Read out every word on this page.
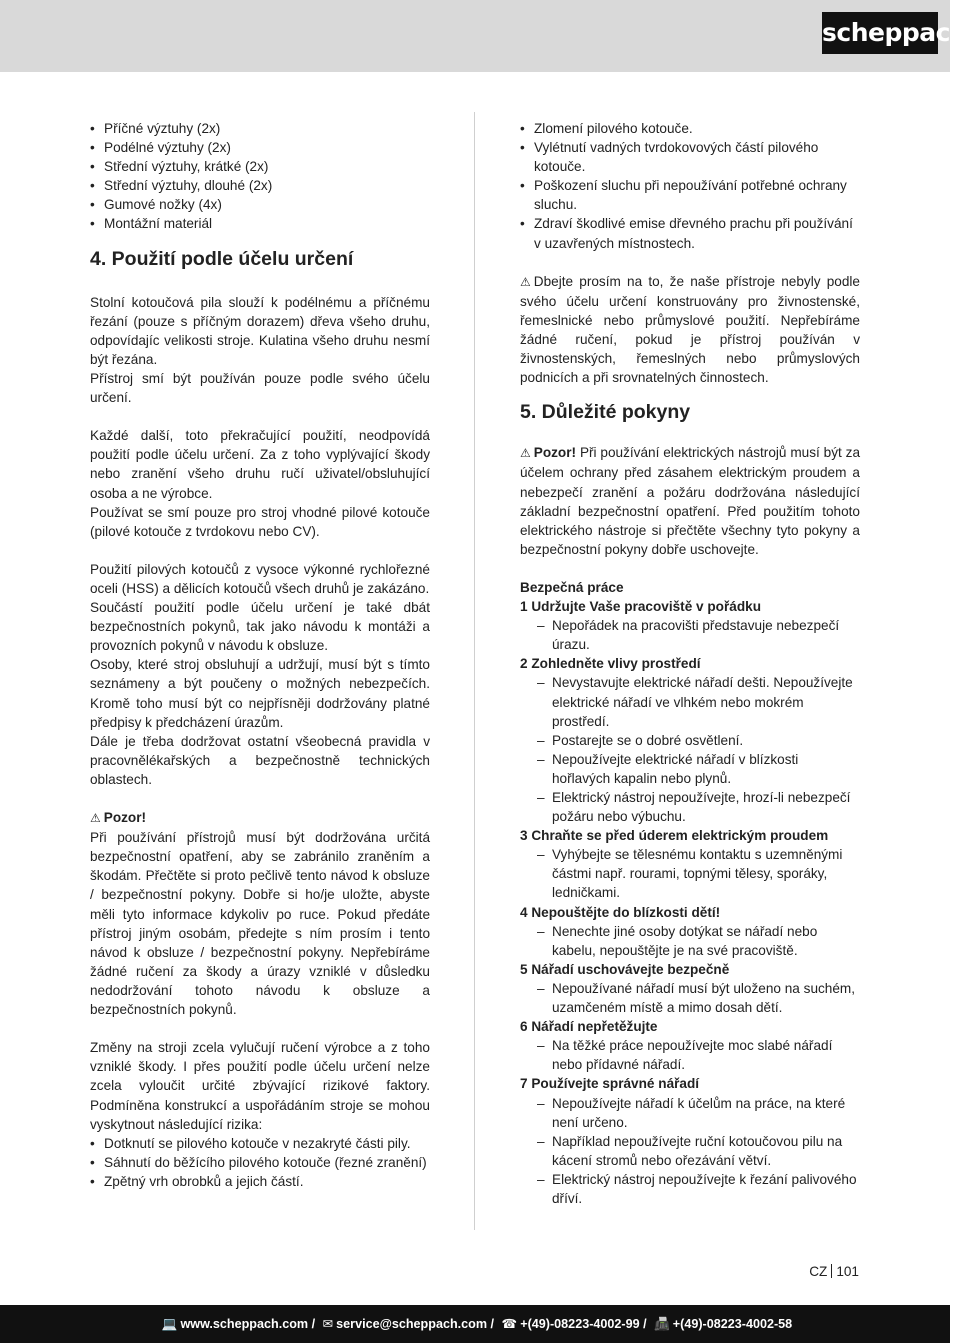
scheppach
• Příčné výztuhy (2x)
• Podélné výztuhy (2x)
• Střední výztuhy, krátké (2x)
• Střední výztuhy, dlouhé (2x)
• Gumové nožky (4x)
• Montážní materiál
4. Použití podle účelu určení

Stolní kotoučová pila slouží k podélnému a příčnému řezání (pouze s příčným dorazem) dřeva všeho druhu, odpovídajíc velikosti stroje. Kulatina všeho druhu nesmí být řezána.

Přístroj smí být používán pouze podle svého účelu určení.

Každé další, toto překračující použití, neodpovídá použití podle účelu určení. Za z toho vyplývající škody nebo zranění všeho druhu ručí uživatel/obsluhující osoba a ne výrobce.

Používat se smí pouze pro stroj vhodné pilové kotouče (pilové kotouče z tvrdokovu nebo CV).

Použití pilových kotoučů z vysoce výkonné rychlořezné oceli (HSS) a dělicích kotoučů všech druhů je zakázáno.

Součástí použití podle účelu určení je také dbát bezpečnostních pokynů, tak jako návodu k montáži a provozních pokynů v návodu k obsluze.

Osoby, které stroj obsluhují a udržují, musí být s tímto seznámeny a být poučeny o možných nebezpečích. Kromě toho musí být co nejpřísněji dodržovány platné předpisy k předcházení úrazům.

Dále je třeba dodržovat ostatní všeobecná pravidla v pracovnělékařských a bezpečnostně technických oblastech.

⚠ Pozor!

Při používání přístrojů musí být dodržována určitá bezpečnostní opatření, aby se zabránilo zraněním a škodám. Přečtěte si proto pečlivě tento návod k obsluze / bezpečnostní pokyny. Dobře si ho/je uložte, abyste měli tyto informace kdykoliv po ruce. Pokud předáte přístroj jiným osobám, předejte s ním prosím i tento návod k obsluze / bezpečnostní pokyny. Nepřebíráme žádné ručení za škody a úrazy vzniklé v důsledku nedodržování tohoto návodu k obsluze a bezpečnostních pokynů.

Změny na stroji zcela vylučují ručení výrobce a z toho vzniklé škody. I přes použití podle účelu určení nelze zcela vyloučit určité zbývající rizikové faktory. Podmíněna konstrukcí a uspořádáním stroje se mohou vyskytnout následující rizika:

• Dotknutí se pilového kotouče v nezakryté části pily.
• Sáhnutí do běžícího pilového kotouče (řezné zranění)
• Zpětný vrh obrobků a jejich částí.
• Zlomení pilového kotouče.
• Vylétnutí vadných tvrdokovových částí pilového kotouče.
• Poškození sluchu při nepoužívání potřebné ochrany sluchu.
• Zdraví škodlivé emise dřevného prachu při používání v uzavřených místnostech.

⚠ Dbejte prosím na to, že naše přístroje nebyly podle svého účelu určení konstruovány pro živnostenské, řemeslnické nebo průmyslové použití. Nepřebíráme žádné ručení, pokud je přístroj používán v živnostenských, řemeslných nebo průmyslových podnicích a při srovnatelných činnostech.

5. Důležité pokyny

⚠ Pozor! Při používání elektrických nástrojů musí být za účelem ochrany před zásahem elektrickým proudem a nebezpečí zranění a požáru dodržována následující základní bezpečnostní opatření. Před použitím tohoto elektrického nástroje si přečtěte všechny tyto pokyny a bezpečnostní pokyny dobře uschovejte.

Bezpečná práce
1 Udržujte Vaše pracoviště v pořádku
– Nepořádek na pracovišti představuje nebezpečí úrazu.
2 Zohledněte vlivy prostředí
– Nevystavujte elektrické nářadí dešti. Nepoužívejte elektrické nářadí ve vlhkém nebo mokrém prostředí.
– Postarejte se o dobré osvětlení.
– Nepoužívejte elektrické nářadí v blízkosti hořlavých kapalin nebo plynů.
– Elektrický nástroj nepoužívejte, hrozí-li nebezpečí požáru nebo výbuchu.
3 Chraňte se před úderem elektrickým proudem
– Vyhýbejte se tělesnému kontaktu s uzemněnými částmi např. rourami, topnými tělesy, sporáky, ledničkami.
4 Nepouštějte do blízkosti dětí!
– Nenechte jiné osoby dotýkat se nářadí nebo kabelu, nepouštějte je na své pracoviště.
5 Nářadí uschovávejte bezpečně
– Nepoužívané nářadí musí být uloženo na suchém, uzamčeném místě a mimo dosah dětí.
6 Nářadí nepřetěžujte
– Na těžké práce nepoužívejte moc slabé nářadí nebo přídavné nářadí.
7 Používejte správné nářadí
– Nepoužívejte nářadí k účelům na práce, na které není určeno.
– Například nepoužívejte ruční kotoučovou pilu na kácení stromů nebo ořezávání větví.
– Elektrický nástroj nepoužívejte k řezání palivového dříví.
CZ 101
💻 www.scheppach.com / ✉ service@scheppach.com / ☎ +(49)-08223-4002-99 / 📠 +(49)-08223-4002-58
